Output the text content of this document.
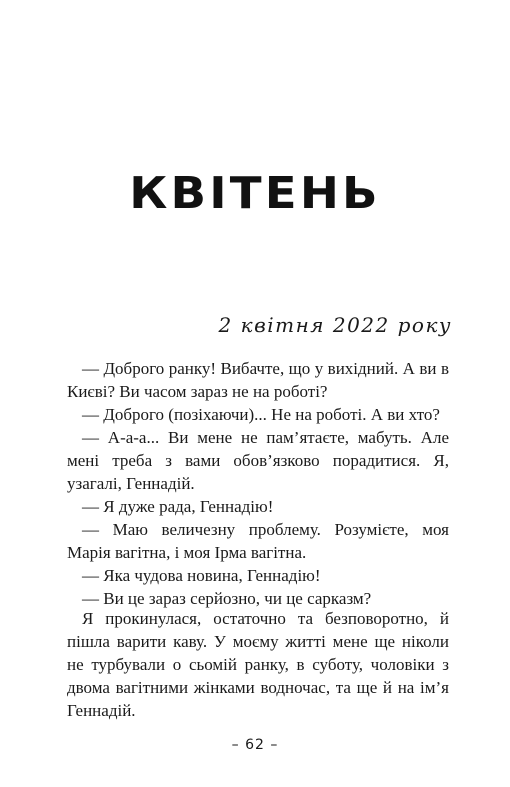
КВІТЕНЬ
2 квітня 2022 року

— Доброго ранку! Вибачте, що у вихідний. А ви в Києві? Ви часом зараз не на роботі?

— Доброго (позіхаючи)... Не на роботі. А ви хто?

— А-а-а... Ви мене не пам’ятаєте, мабуть. Але мені треба з вами обов’язково порадитися. Я, узагалі, Геннадій.

— Я дуже рада, Геннадію!

— Маю величезну проблему. Розумієте, моя Марія вагітна, і моя Ірма вагітна.

— Яка чудова новина, Геннадію!

— Ви це зараз серйозно, чи це сарказм?

Я прокинулася, остаточно та безповоротно, й пішла варити каву. У моєму житті мене ще ніколи не турбували о сьомій ранку, в суботу, чоловіки з двома вагітними жінками водночас, та ще й на ім’я Геннадій.

– 62 –
